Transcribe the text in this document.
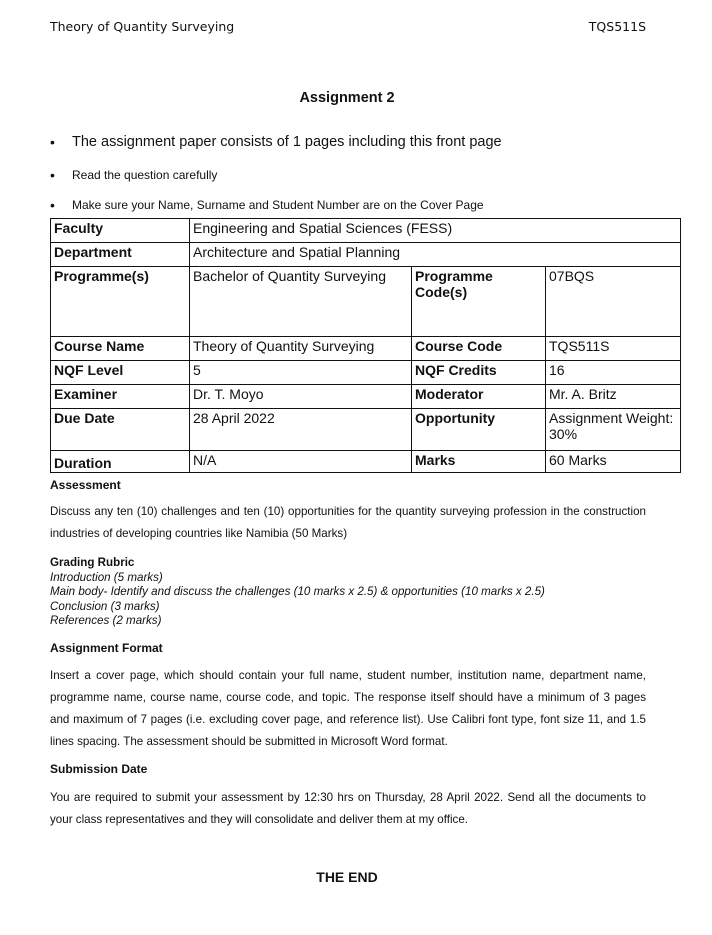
Theory of Quantity Surveying	TQS511S
Assignment 2
•	The assignment paper consists of 1 pages including this front page
•	Read the question carefully
•	Make sure your Name, Surname and Student Number are on the Cover Page
Faculty	Engineering and Spatial Sciences (FESS)		
Department	Architecture and Spatial Planning		
Programme(s)	Bachelor of Quantity Surveying	Programme Code(s)	07BQS
Course Name	Theory of Quantity Surveying	Course Code	TQS511S
NQF Level	5	NQF Credits	16
Examiner	Dr. T. Moyo	Moderator	Mr. A. Britz
Due Date	28 April 2022	Opportunity	Assignment Weight: 30%
Duration	N/A	Marks	60 Marks
Assessment
Discuss any ten (10) challenges and ten (10) opportunities for the quantity surveying profession in the construction industries of developing countries like Namibia (50 Marks)
Grading Rubric
Introduction (5 marks)
Main body- Identify and discuss the challenges (10 marks x 2.5) & opportunities (10 marks x 2.5)
Conclusion (3 marks)
References (2 marks)
Assignment Format
Insert a cover page, which should contain your full name, student number, institution name, department name, programme name, course name, course code, and topic. The response itself should have a minimum of 3 pages and maximum of 7 pages (i.e. excluding cover page, and reference list). Use Calibri font type, font size 11, and 1.5 lines spacing. The assessment should be submitted in Microsoft Word format.
Submission Date
You are required to submit your assessment by 12:30 hrs on Thursday, 28 April 2022. Send all the documents to your class representatives and they will consolidate and deliver them at my office.
THE END
